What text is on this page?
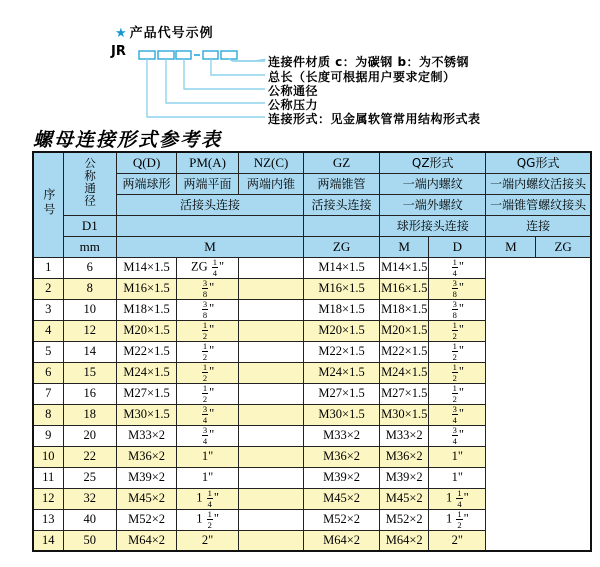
★ 产品代号示例
JR
连接件材质 c：为碳钢 b：为不锈钢
总长（长度可根据用户要求定制）
公称通径
公称压力
连接形式：见金属软管常用结构形式表
螺母连接形式参考表
序号	公称通径	Q(D)	PM(A)	NZ(C)	GZ	QZ形式		QG形式	
		两端球形	两端平面	两端内锥	两端锥管	一端内螺纹		一端内螺纹活接头	
		活接头连接			活接头连接	一端外螺纹		一端锥管螺纹接头	
	D1					球形接头连接		连接	
	mm	M			ZG	M	D	M	ZG
1	6	M14×1.5	ZG $\frac{1}{4}$ "		M14×1.5	M14×1.5	$\frac{1}{4}$ "		
2	8	M16×1.5	$\frac{3}{8}$ "		M16×1.5	M16×1.5	$\frac{3}{8}$ "		
3	10	M18×1.5	$\frac{3}{8}$ "		M18×1.5	M18×1.5	$\frac{3}{8}$ "		
4	12	M20×1.5	$\frac{1}{2}$ "		M20×1.5	M20×1.5	$\frac{1}{2}$ "		
5	14	M22×1.5	$\frac{1}{2}$ "		M22×1.5	M22×1.5	$\frac{1}{2}$ "		
6	15	M24×1.5	$\frac{1}{2}$ "		M24×1.5	M24×1.5	$\frac{1}{2}$ "		
7	16	M27×1.5	$\frac{1}{2}$ "		M27×1.5	M27×1.5	$\frac{1}{2}$ "		
8	18	M30×1.5	$\frac{3}{4}$ "		M30×1.5	M30×1.5	$\frac{3}{4}$ "		
9	20	M33×2	$\frac{3}{4}$ "		M33×2	M33×2	$\frac{3}{4}$ "		
10	22	M36×2	1"		M36×2	M36×2	1"		
11	25	M39×2	1"		M39×2	M39×2	1"		
12	32	M45×2	$1 \frac{1}{4}$ "		M45×2	M45×2	$1 \frac{1}{4}$ "		
13	40	M52×2	$1 \frac{1}{2}$ "		M52×2	M52×2	$1 \frac{1}{2}$ "		
14	50	M64×2	2"		M64×2	M64×2	2"		
